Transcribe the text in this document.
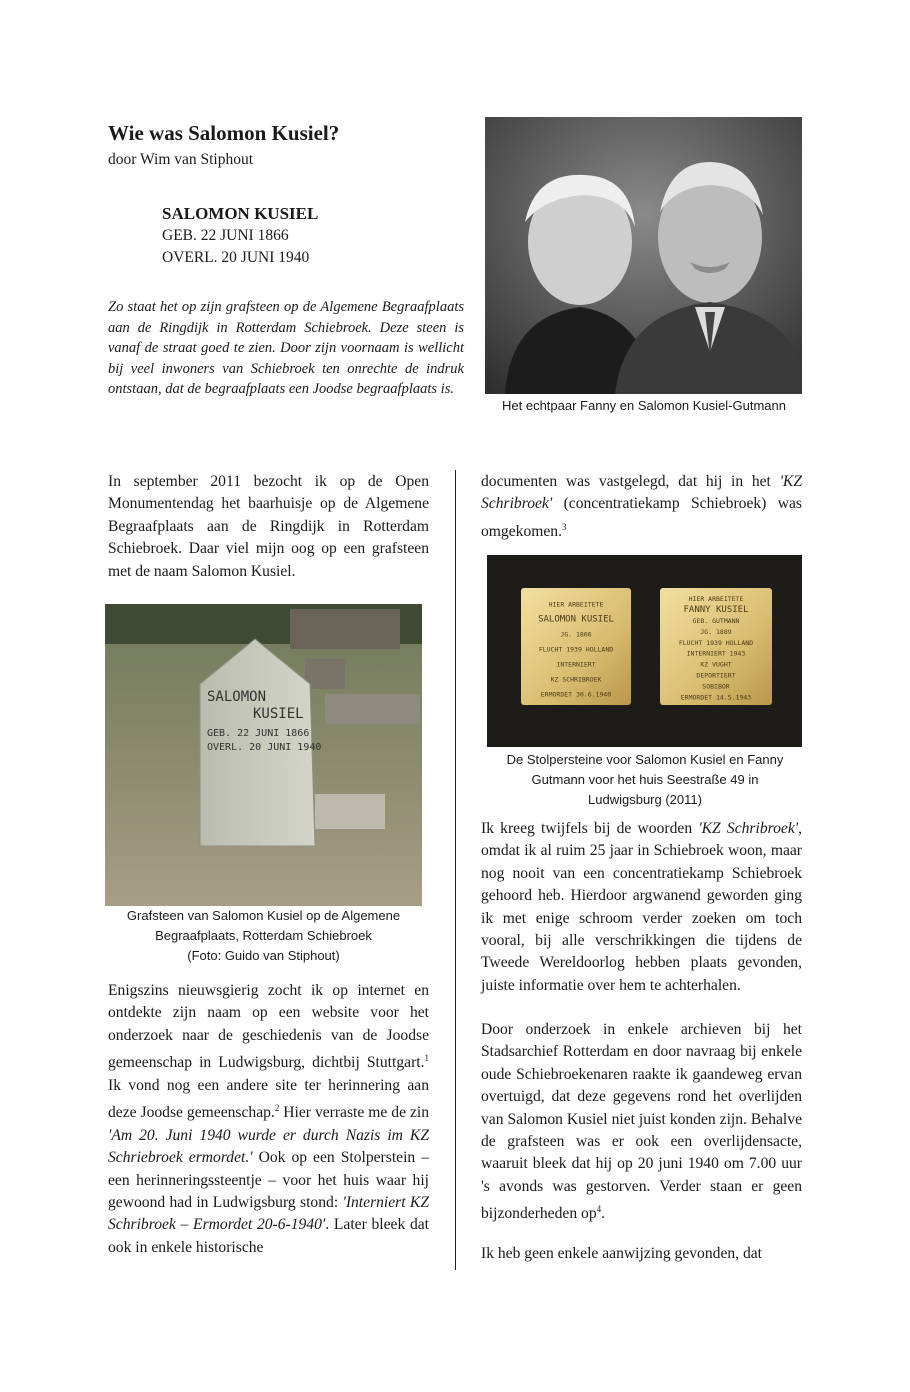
Wie was Salomon Kusiel?
door Wim van Stiphout
SALOMON KUSIEL
GEB. 22 JUNI 1866
OVERL. 20 JUNI 1940
Zo staat het op zijn grafsteen op de Algemene Begraafplaats aan de Ringdijk in Rotterdam Schiebroek. Deze steen is vanaf de straat goed te zien. Door zijn voornaam is wellicht bij veel inwoners van Schiebroek ten onrechte de indruk ontstaan, dat de begraafplaats een Joodse begraafplaats is.
Het echtpaar Fanny en Salomon Kusiel-Gutmann

In september 2011 bezocht ik op de Open Monumentendag het baarhuisje op de Algemene Begraafplaats aan de Ringdijk in Rotterdam Schiebroek. Daar viel mijn oog op een grafsteen met de naam Salomon Kusiel.

SALOMON
KUSIEL
GEB. 22 JUNI 1866
OVERL. 20 JUNI 1940
Grafsteen van Salomon Kusiel op de Algemene
Begraafplaats, Rotterdam Schiebroek
(Foto: Guido van Stiphout)

Enigszins nieuwsgierig zocht ik op internet en ontdekte zijn naam op een website voor het onderzoek naar de geschiedenis van de Joodse gemeenschap in Ludwigsburg, dichtbij Stuttgart.$^1$ Ik vond nog een andere site ter herinnering aan deze Joodse gemeenschap.$^2$ Hier verraste me de zin 'Am 20. Juni 1940 wurde er durch Nazis im KZ Schriebroek ermordet.' Ook op een Stolperstein – een herinneringssteentje – voor het huis waar hij gewoond had in Ludwigsburg stond: 'Interniert KZ Schribroek – Ermordet 20-6-1940'. Later bleek dat ook in enkele historische

documenten was vastgelegd, dat hij in het 'KZ Schribroek' (concentratiekamp Schiebroek) was omgekomen.$^3$

HIER ARBEITETE
SALOMON KUSIEL
JG. 1866
FLUCHT 1939 HOLLAND
INTERNIERT
KZ SCHRIBROEK
ERMORDET 30.6.1940
HIER ARBEITETE
FANNY KUSIEL
GEB. GUTMANN
JG. 1889
FLUCHT 1939 HOLLAND
INTERNIERT 1943
KZ VUGHT
DEPORTIERT
SOBIBOR
ERMORDET 14.5.1943
De Stolpersteine voor Salomon Kusiel en Fanny
Gutmann voor het huis Seestraße 49 in
Ludwigsburg (2011)

Ik kreeg twijfels bij de woorden 'KZ Schribroek', omdat ik al ruim 25 jaar in Schiebroek woon, maar nog nooit van een concentratiekamp Schiebroek gehoord heb. Hierdoor argwanend geworden ging ik met enige schroom verder zoeken om toch vooral, bij alle verschrikkingen die tijdens de Tweede Wereldoorlog hebben plaats gevonden, juiste informatie over hem te achterhalen.

Door onderzoek in enkele archieven bij het Stadsarchief Rotterdam en door navraag bij enkele oude Schiebroekenaren raakte ik gaandeweg ervan overtuigd, dat deze gegevens rond het overlijden van Salomon Kusiel niet juist konden zijn. Behalve de grafsteen was er ook een overlijdensacte, waaruit bleek dat hij op 20 juni 1940 om 7.00 uur 's avonds was gestorven. Verder staan er geen bijzonderheden $op^4$.

Ik heb geen enkele aanwijzing gevonden, dat
